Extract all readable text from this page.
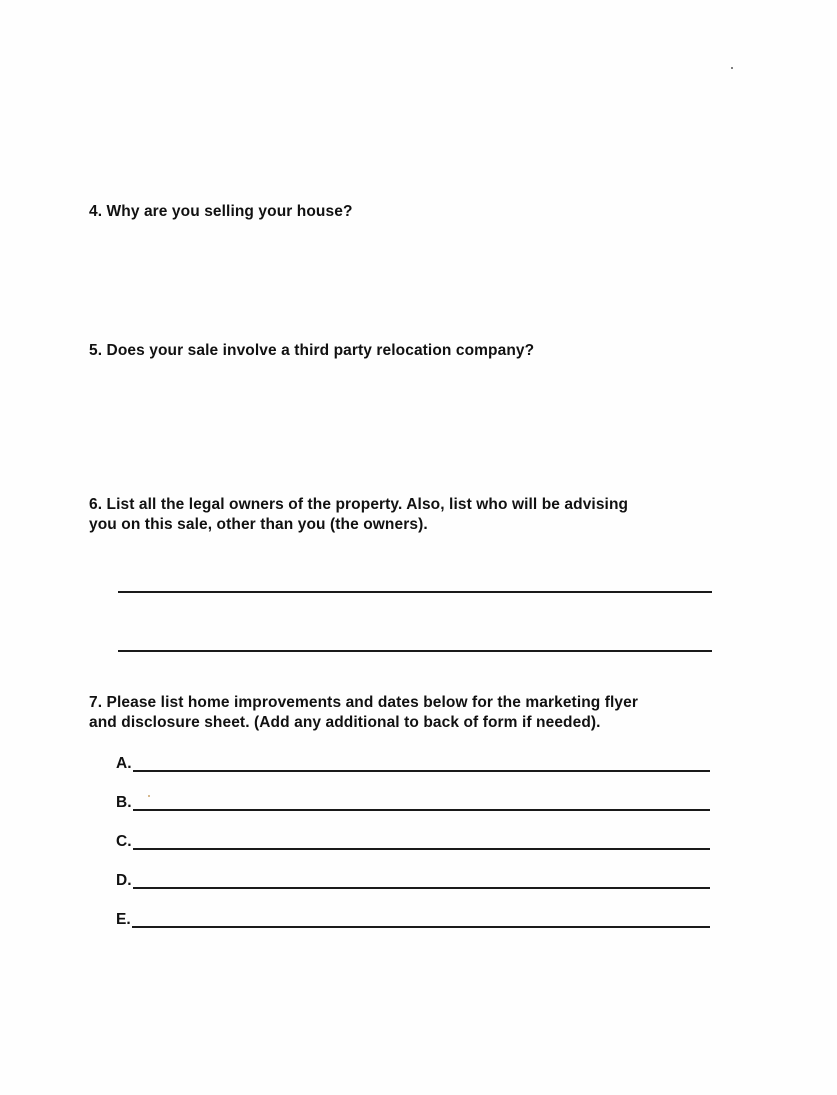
4. Why are you selling your house?
5. Does your sale involve a third party relocation company?
6. List all the legal owners of the property. Also, list who will be advising
you on this sale, other than you (the owners).
7. Please list home improvements and dates below for the marketing flyer
and disclosure sheet. (Add any additional to back of form if needed).
A.
B.
C.
D.
E.
